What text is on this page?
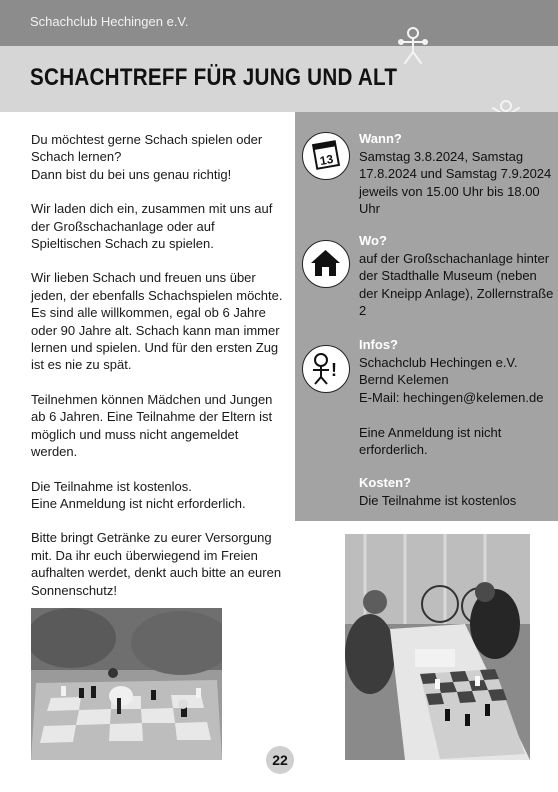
Schachclub Hechingen e.V.
SCHACHTREFF FÜR JUNG UND ALT

Du möchtest gerne Schach spielen oder Schach lernen?
Dann bist du bei uns genau richtig!

Wir laden dich ein, zusammen mit uns auf der Großschachanlage oder auf Spieltischen Schach zu spielen.

Wir lieben Schach und freuen uns über jeden, der ebenfalls Schachspielen möchte. Es sind alle willkommen, egal ob 6 Jahre oder 90 Jahre alt. Schach kann man immer lernen und spielen. Und für den ersten Zug ist es nie zu spät.

Teilnehmen können Mädchen und Jungen ab 6 Jahren. Eine Teilnahme der Eltern ist möglich und muss nicht angemeldet werden.

Die Teilnahme ist kostenlos.
Eine Anmeldung ist nicht erforderlich.

Bitte bringt Getränke zu eurer Versorgung mit. Da ihr euch überwiegend im Freien aufhalten werdet, denkt auch bitte an euren Sonnenschutz!

13
Wann?
Samstag 3.8.2024, Samstag 17.8.2024 und Samstag 7.9.2024 jeweils von 15.00 Uhr bis 18.00 Uhr
Wo?
auf der Großschachanlage hinter der Stadthalle Museum (neben der Kneipp Anlage), Zollernstraße 2
!
Infos?
Schachclub Hechingen e.V.
Bernd Kelemen
E-Mail: hechingen@kelemen.de

Eine Anmeldung ist nicht erforderlich.
Kosten?
Die Teilnahme ist kostenlos
22
